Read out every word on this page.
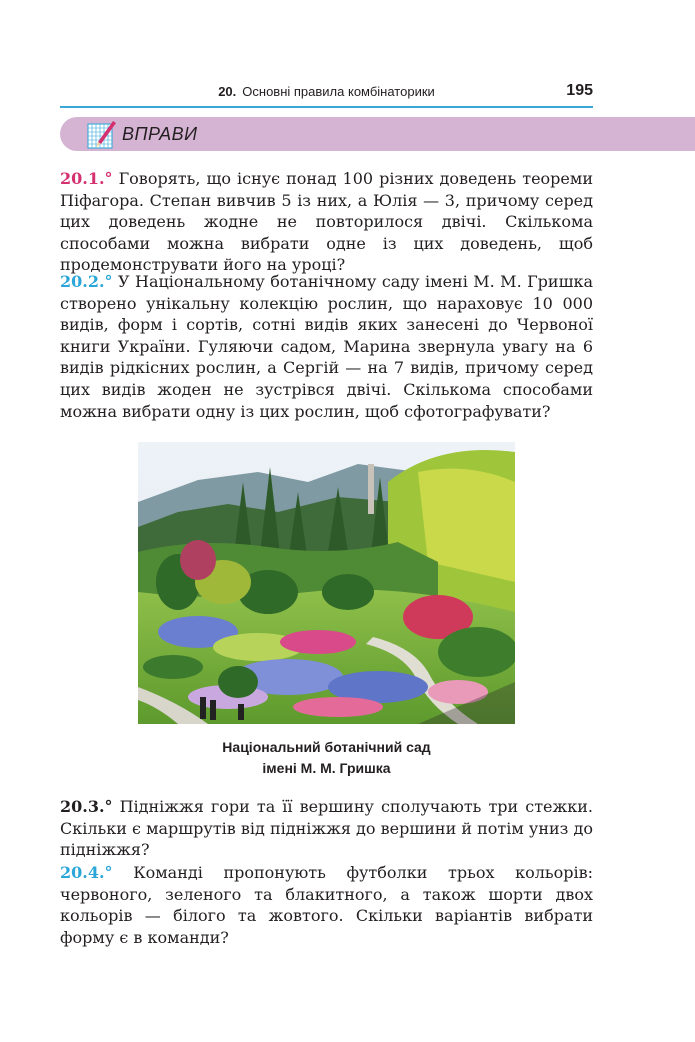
20. Основні правила комбінаторики	195
ВПРАВИ
20.1.° Говорять, що існує понад 100 різних доведень теореми Піфагора. Степан вивчив 5 із них, а Юлія — 3, причому серед цих доведень жодне не повторилося двічі. Скількома способами можна вибрати одне із цих доведень, щоб продемонструвати його на уроці?
20.2.° У Національному ботанічному саду імені М. М. Гришка створено унікальну колекцію рослин, що нараховує 10 000 видів, форм і сортів, сотні видів яких занесені до Червоної книги України. Гуляючи садом, Марина звернула увагу на 6 видів рідкісних рослин, а Сергій — на 7 видів, причому серед цих видів жоден не зустрівся двічі. Скількома способами можна вибрати одну із цих рослин, щоб сфотографувати?
Національний ботанічний сад
імені М. М. Гришка
20.3.° Підніжжя гори та її вершину сполучають три стежки. Скільки є маршрутів від підніжжя до вершини й потім униз до підніжжя?
20.4.° Команді пропонують футболки трьох кольорів: червоного, зеленого та блакитного, а також шорти двох кольорів — білого та жовтого. Скільки варіантів вибрати форму є в команди?
